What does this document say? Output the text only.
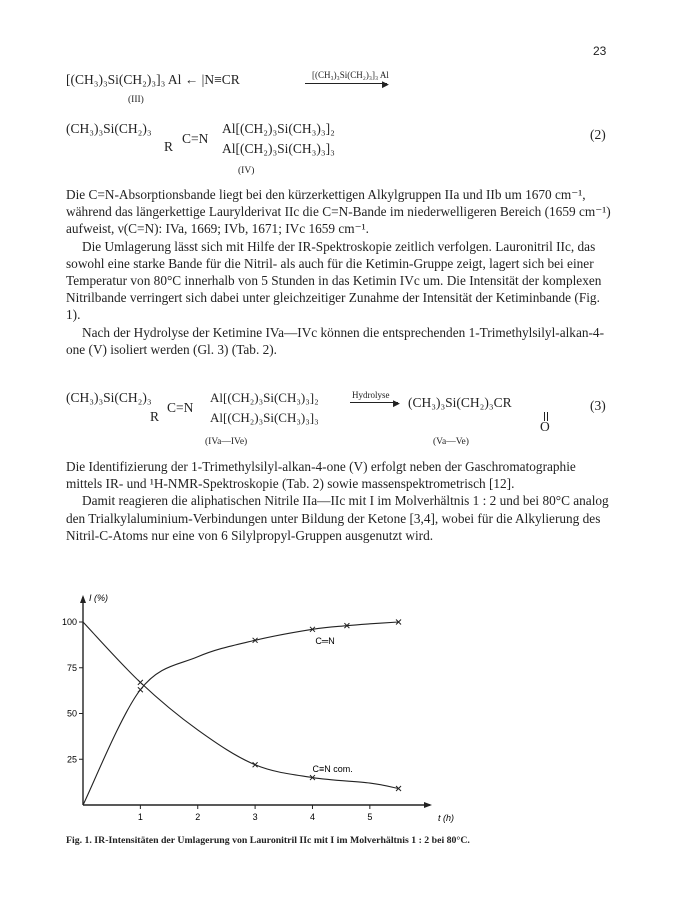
23
[(CH₃)₃Si(CH₂)₃]₃ Al ← |N≡CR	[(CH₃)₃Si(CH₂)₃]₃ Al
▶
(III)
(CH₃)₃Si(CH₂)₃
R
C=N
Al[(CH₂)₃Si(CH₃)₃]₂
Al[(CH₂)₃Si(CH₃)₃]₃
(2)
(IV)

Die C=N-Absorptionsbande liegt bei den kürzerkettigen Alkylgruppen IIa und IIb um 1670 cm⁻¹, während das längerkettige Laurylderivat IIc die C=N-Bande im niederwelligeren Bereich (1659 cm⁻¹) aufweist, ν(C=N): IVa, 1669; IVb, 1671; IVc 1659 cm⁻¹.

Die Umlagerung lässt sich mit Hilfe der IR-Spektroskopie zeitlich verfolgen. Lauronitril IIc, das sowohl eine starke Bande für die Nitril- als auch für die Ketimin-Gruppe zeigt, lagert sich bei einer Temperatur von 80°C innerhalb von 5 Stunden in das Ketimin IVc um. Die Intensität der komplexen Nitrilbande verringert sich dabei unter gleichzeitiger Zunahme der Intensität der Ketiminbande (Fig. 1).

Nach der Hydrolyse der Ketimine IVa—IVc können die entsprechenden 1-Trimethylsilyl-alkan-4-one (V) isoliert werden (Gl. 3) (Tab. 2).

(CH₃)₃Si(CH₂)₃
R
C=N
Al[(CH₂)₃Si(CH₃)₃]₂
Al[(CH₂)₃Si(CH₃)₃]₃
Hydrolyse
▶ (CH₃)₃Si(CH₂)₃CR
O
(3)
(IVa—IVe)	(Va—Ve)

Die Identifizierung der 1-Trimethylsilyl-alkan-4-one (V) erfolgt neben der Gaschromatographie mittels IR- und ¹H-NMR-Spektroskopie (Tab. 2) sowie massenspektrometrisch [12].

Damit reagieren die aliphatischen Nitrile IIa—IIc mit I im Molverhältnis 1 : 2 und bei 80°C analog den Trialkylaluminium-Verbindungen unter Bildung der Ketone [3,4], wobei für die Alkylierung des Nitril-C-Atoms nur eine von 6 Silylpropyl-Gruppen ausgenutzt wird.

I (%)
t (h)
25
50
75
100
1	2	3	4	5
C═N
C≡N com.
Fig. 1. IR-Intensitäten der Umlagerung von Lauronitril IIc mit I im Molverhältnis 1 : 2 bei 80°C.
